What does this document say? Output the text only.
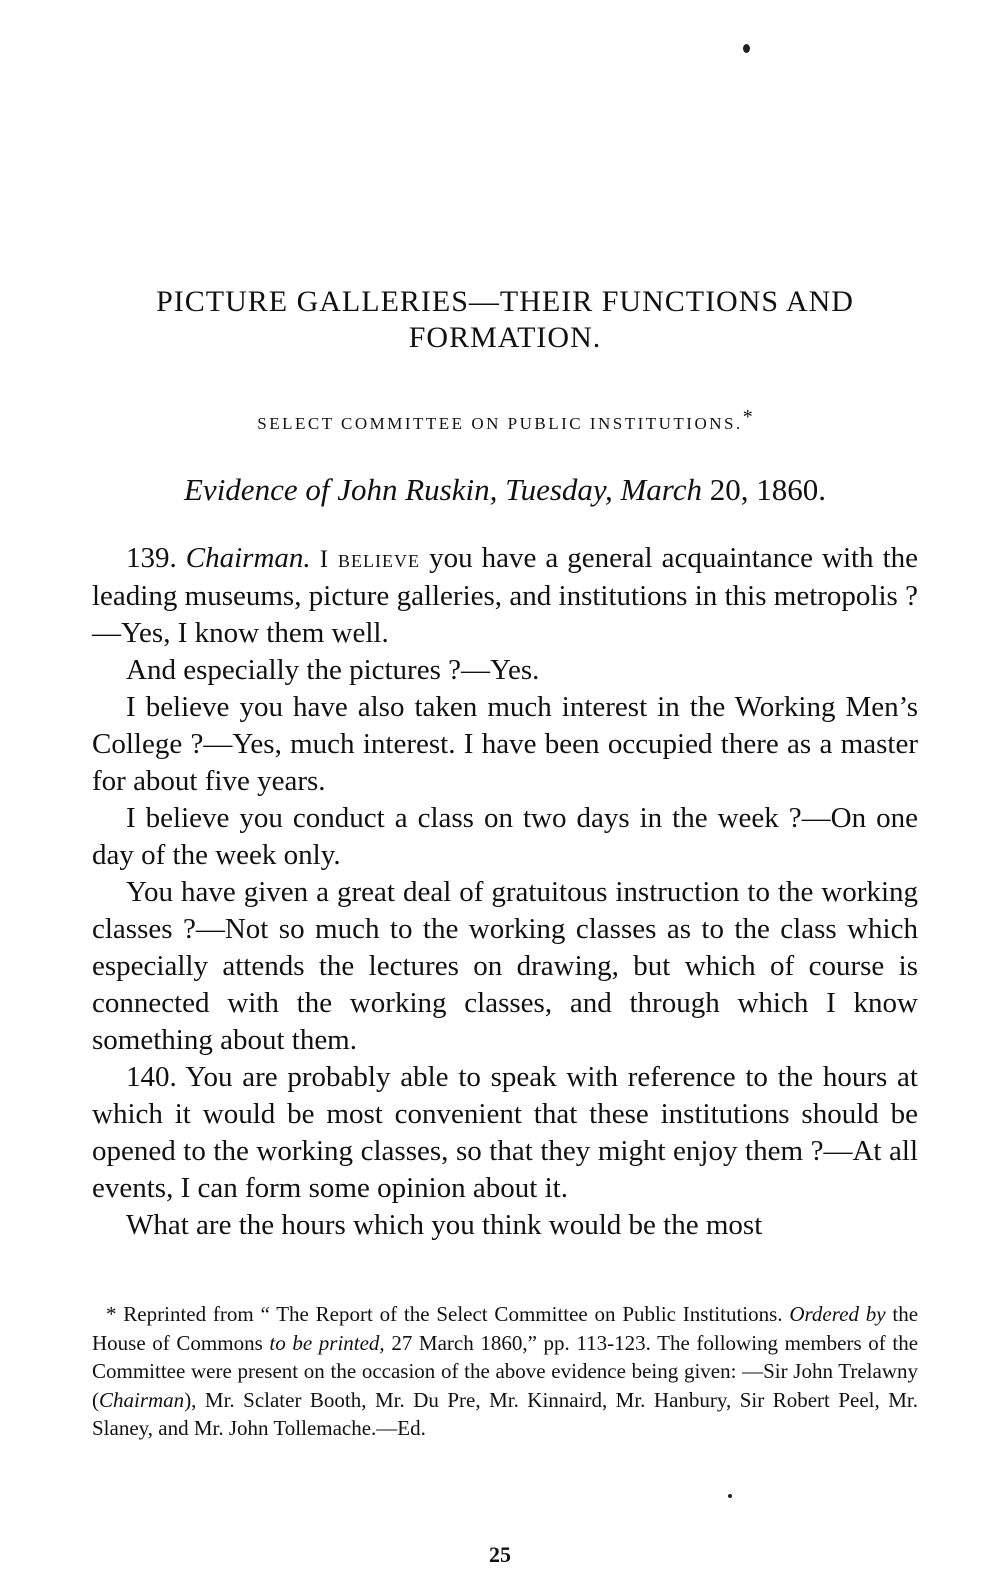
PICTURE GALLERIES—THEIR FUNCTIONS AND
FORMATION.
SELECT COMMITTEE ON PUBLIC INSTITUTIONS.*
Evidence of John Ruskin, Tuesday, March 20, 1860.

139. Chairman. I believe you have a general acquaintance with the leading museums, picture galleries, and institutions in this metropolis ?—Yes, I know them well.

And especially the pictures ?—Yes.

I believe you have also taken much interest in the Working Men’s College ?—Yes, much interest. I have been occupied there as a master for about five years.

I believe you conduct a class on two days in the week ?—On one day of the week only.

You have given a great deal of gratuitous instruction to the working classes ?—Not so much to the working classes as to the class which especially attends the lectures on drawing, but which of course is connected with the working classes, and through which I know something about them.

140. You are probably able to speak with reference to the hours at which it would be most convenient that these institutions should be opened to the working classes, so that they might enjoy them ?—At all events, I can form some opinion about it.

What are the hours which you think would be the most

* Reprinted from “ The Report of the Select Committee on Public Institutions. Ordered by the House of Commons to be printed, 27 March 1860,” pp. 113-123. The following members of the Committee were present on the occasion of the above evidence being given: —Sir John Trelawny (Chairman), Mr. Sclater Booth, Mr. Du Pre, Mr. Kinnaird, Mr. Hanbury, Sir Robert Peel, Mr. Slaney, and Mr. John Tollemache.—Ed.

25
